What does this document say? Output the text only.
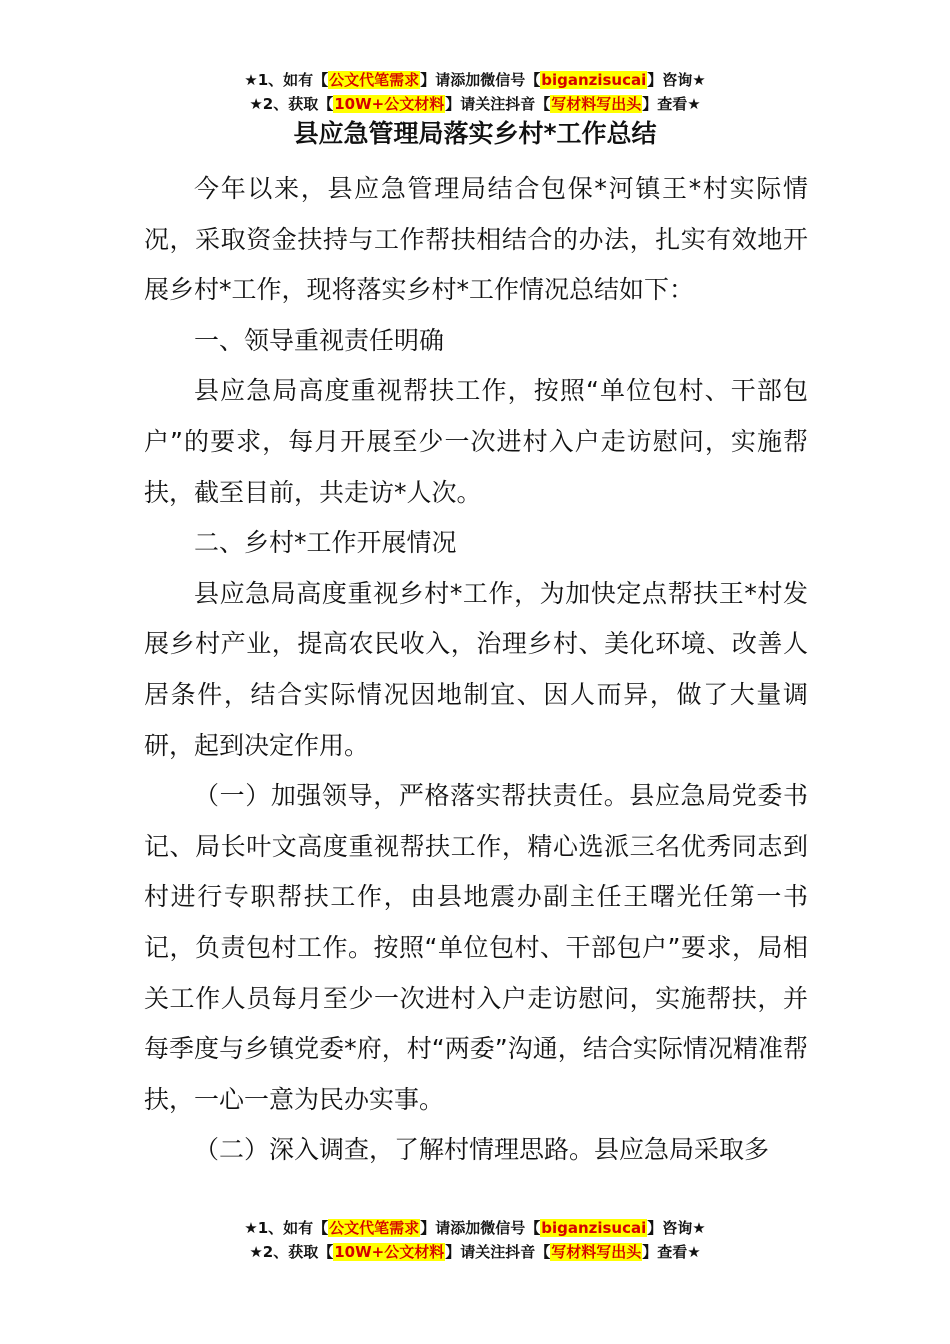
★1、如有【公文代笔需求】请添加微信号【biganzisucai】咨询★
★2、获取【10W+公文材料】请关注抖音【写材料写出头】查看★
县应急管理局落实乡村*工作总结

今年以来，县应急管理局结合包保*河镇王*村实际情况，采取资金扶持与工作帮扶相结合的办法，扎实有效地开展乡村*工作，现将落实乡村*工作情况总结如下：

一、领导重视责任明确

县应急局高度重视帮扶工作，按照“单位包村、干部包户”的要求，每月开展至少一次进村入户走访慰问，实施帮扶，截至目前，共走访*人次。

二、乡村*工作开展情况

县应急局高度重视乡村*工作，为加快定点帮扶王*村发展乡村产业，提高农民收入，治理乡村、美化环境、改善人居条件，结合实际情况因地制宜、因人而异，做了大量调研，起到决定作用。

（一）加强领导，严格落实帮扶责任。县应急局党委书记、局长叶文高度重视帮扶工作，精心选派三名优秀同志到村进行专职帮扶工作，由县地震办副主任王曙光任第一书记，负责包村工作。按照“单位包村、干部包户”要求，局相关工作人员每月至少一次进村入户走访慰问，实施帮扶，并每季度与乡镇党委*府，村“两委”沟通，结合实际情况精准帮扶，一心一意为民办实事。

（二）深入调查，了解村情理思路。县应急局采取多

★1、如有【公文代笔需求】请添加微信号【biganzisucai】咨询★
★2、获取【10W+公文材料】请关注抖音【写材料写出头】查看★
